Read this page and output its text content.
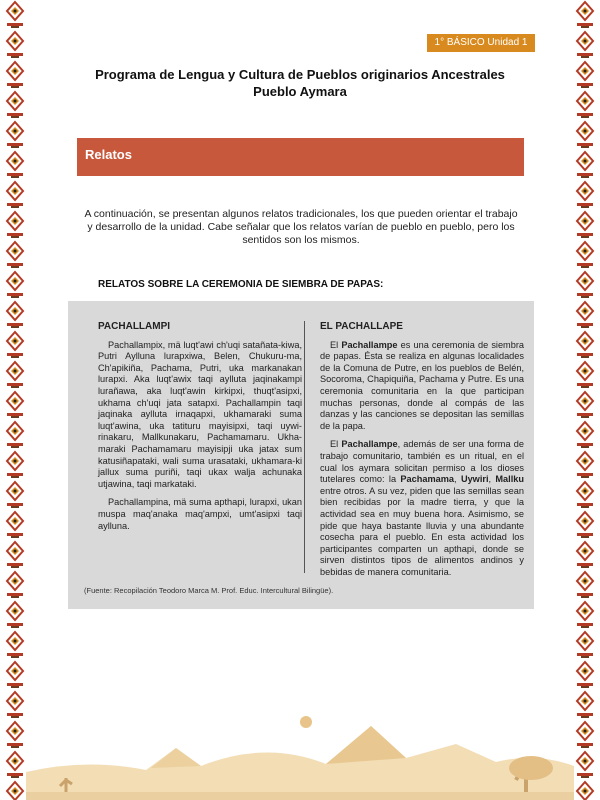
1° BÁSICO Unidad 1
Programa de Lengua y Cultura de Pueblos originarios Ancestrales
Pueblo Aymara
Relatos
A continuación, se presentan algunos relatos tradicionales, los que pueden orientar el trabajo y desarrollo de la unidad. Cabe señalar que los relatos varían de pueblo en pueblo, pero los sentidos son los mismos.
RELATOS SOBRE LA CEREMONIA DE SIEMBRA DE PAPAS:
PACHALLAMPI

Pachallampix, mä luqt'awi ch'uqi satañata-kiwa, Putri Aylluna lurapxiwa, Belen, Chukuru-ma, Ch'apikiña, Pachama, Putri, uka markanakan lurapxi. Aka luqt'awix taqi aylluta jaqinakampi lurañawa, aka luqt'awin kirkipxi, thuqt'asipxi, ukhama ch'uqi jata satapxi. Pachallampin taqi jaqinaka aylluta irnaqapxi, ukhamaraki suma luqt'awina, uka tatituru mayisipxi, taqi uywi-rinakaru, Mallkunakaru, Pachamamaru. Ukha-maraki Pachamamaru mayisipji uka jatax sum katusiñapataki, wali suma urasataki, ukhamara-ki jallux suma puriñi, taqi ukax walja achunaka utjawina, taqi markataki.

Pachallampina, mä suma apthapi, lurapxi, ukan muspa maq'anaka maq'ampxi, umt'asipxi taqi aylluna.

EL PACHALLAPE

El Pachallampe es una ceremonia de siembra de papas. Ésta se realiza en algunas localidades de la Comuna de Putre, en los pueblos de Belén, Socoroma, Chapiquiña, Pachama y Putre. Es una ceremonia comunitaria en la que participan muchas personas, donde al compás de las danzas y las canciones se depositan las semillas de la papa.

El Pachallampe, además de ser una forma de trabajo comunitario, también es un ritual, en el cual los aymara solicitan permiso a los dioses tutelares como: la Pachamama, Uywiri, Mallku entre otros. A su vez, piden que las semillas sean bien recibidas por la madre tierra, y que la actividad sea en muy buena hora. Asimismo, se pide que haya bastante lluvia y una abundante cosecha para el pueblo. En esta actividad los participantes comparten un apthapi, donde se sirven distintos tipos de alimentos andinos y bebidas de manera comunitaria.

(Fuente: Recopilación Teodoro Marca M. Prof. Educ. Intercultural Bilingüe).
